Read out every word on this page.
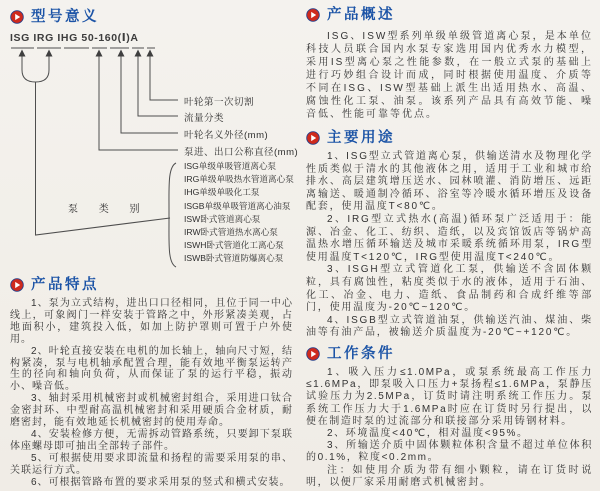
型号意义
ISG IRG IHG 50-160(Ⅰ)A
叶轮第一次切割
流量分类
叶轮名义外径(mm)
泵进、出口公称直径(mm)
泵 类 别
ISG单级单吸管道离心泵
IRG单级单吸热水管道离心泵
IHG单级单吸化工泵
ISGB单级单吸管道离心油泵
ISW卧式管道离心泵
IRW卧式管道热水离心泵
ISWH卧式管道化工离心泵
ISWB卧式管道防爆离心泵
产品特点

1、泵为立式结构，进出口口径相同，且位于同一中心线上，可象阀门一样安装于管路之中，外形紧凑美观，占地面积小，建筑投入低，如加上防护罩则可置于户外使用。

2、叶轮直接安装在电机的加长轴上，轴向尺寸短，结构紧凑，泵与电机轴承配置合理，能有效地平衡泵运转产生的径向和轴向负荷，从而保证了泵的运行平稳，振动小、噪音低。

3、轴封采用机械密封或机械密封组合，采用进口钛合金密封环、中型耐高温机械密封和采用硬质合金材质，耐磨密封，能有效地延长机械密封的使用寿命。

4、安装检修方便，无需拆动管路系统，只要卸下泵联体座螺母即可抽出全部转子部件。

5、可根据使用要求即流量和扬程的需要采用泵的串、关联运行方式。

6、可根据管路布置的要求采用泵的竖式和横式安装。

产品概述

ISG、ISW型系列单级单级管道离心泵，是本单位科技人员联合国内水泵专家选用国内优秀水力模型，采用IS型离心泵之性能参数，在一般立式泵的基础上进行巧妙组合设计而成，同时根据使用温度、介质等不同在ISG、ISW型基础上派生出适用热水、高温、腐蚀性化工泵、油泵。该系列产品具有高效节能、噪音低、性能可靠等优点。

主要用途

1、ISG型立式管道离心泵，供输送清水及物理化学性质类似于清水的其他液体之用，适用于工业和城市给排水、高层建筑增压送水、园林喷灌、消防增压、远距离输送、暖通制冷循环、浴室等冷暖水循环增压及设备配套，使用温度T<80℃。

2、IRG型立式热水(高温)循环泵广泛适用于：能源、冶金、化工、纺织、造纸，以及宾馆饭店等锅炉高温热水增压循环输送及城市采暖系统循环用泵，IRG型使用温度T<120℃，IRG型使用温度T<240℃。

3、ISGH型立式管道化工泵，供输送不含固体颗粒，具有腐蚀性，粘度类似于水的液体，适用于石油、化工、冶金、电力、造纸、食品制药和合成纤维等部门，使用温度为-20℃~120℃。

4、ISGB型立式管道油泵，供输送汽油、煤油、柴油等有油产品，被输送介质温度为-20℃~+120℃。

工作条件

1、吸入压力≤1.0MPa，或泵系统最高工作压力≤1.6MPa，即泵吸入口压力+泵扬程≤1.6MPa，泵静压试验压力为2.5MPa，订货时请注明系统工作压力。泵系统工作压力大于1.6MPa时应在订货时另行提出，以便在制造时泵的过流部分和联接部分采用铸钢材料。

2、环境温度<40℃，相对温度<95%。

3、所输送介质中固体颗粒体积含量不超过单位体积的0.1%，粒度<0.2mm。

注：如使用介质为带有细小颗粒，请在订货时说明，以便厂家采用耐磨式机械密封。
